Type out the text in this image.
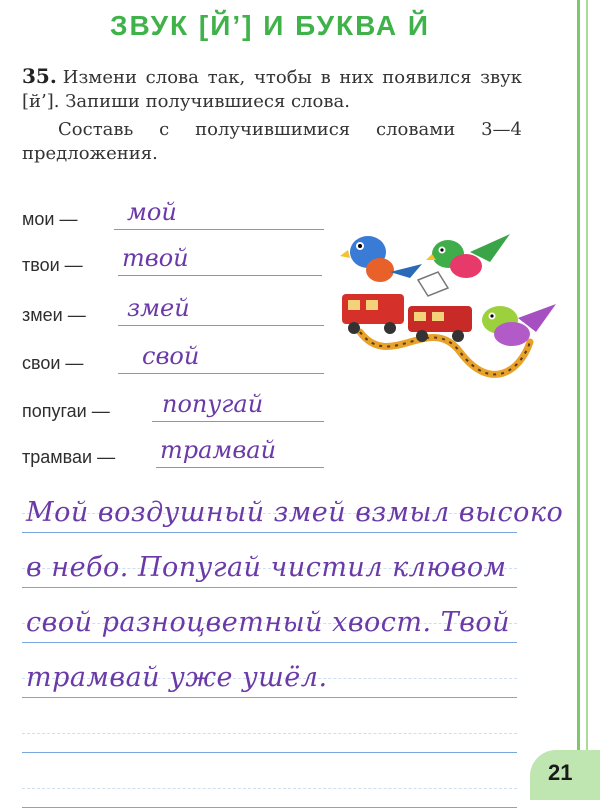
ЗВУК [Й’] И БУКВА Й

35. Измени слова так, чтобы в них появился звук [й’]. Запиши получившиеся слова.

Составь с получившимися словами 3—4 предложения.

мои — мой
твои — твой
змеи — змей
свои — свой
попугаи — попугай
трамваи — трамвай
Мой воздушный змей взмыл высоко
в небо. Попугай чистил клювом
свой разноцветный хвост. Твой
трамвай уже ушёл.
21
